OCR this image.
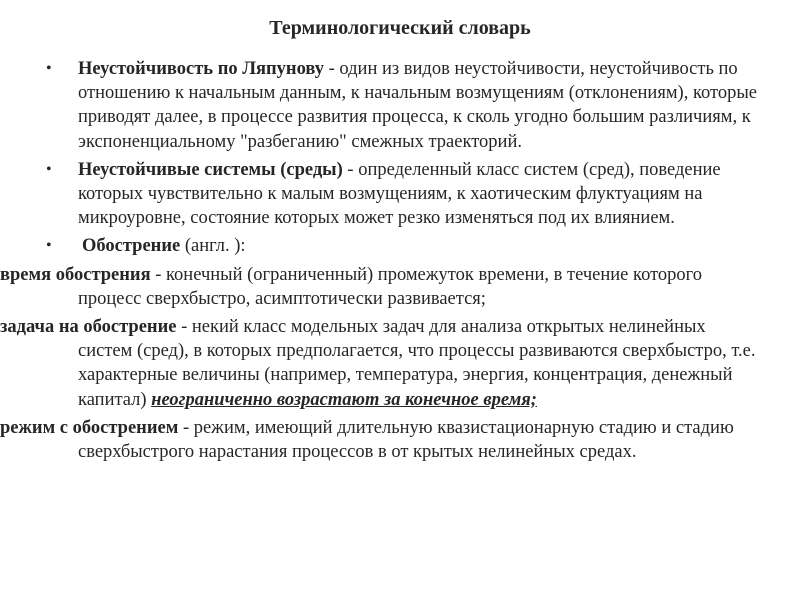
Терминологический словарь
• Неустойчивость по Ляпунову - один из видов неустойчивости, неустойчивость по отношению к начальным данным, к начальным возмущениям (отклонениям), которые приводят далее, в процессе развития процесса, к сколь угодно большим различиям, к экспоненциальному "разбеганию" смежных траекторий.
• Неустойчивые системы (среды) - определенный класс систем (сред), поведение которых чувствительно к малым возмущениям, к хаотическим флуктуациям на микроуровне, состояние которых может резко изменяться под их влиянием.
• Обострение (англ. ):
время обострения - конечный (ограниченный) промежуток времени, в течение которого процесс сверхбыстро, асимптотически развивается;
задача на обострение - некий класс модельных задач для анализа открытых нелинейных систем (сред), в которых предполагается, что процессы развиваются сверхбыстро, т.е. характерные величины (например, температура, энергия, концентрация, денежный капитал) неограниченно возрастают за конечное время;
режим с обострением - режим, имеющий длительную квазистационарную стадию и стадию сверхбыстрого нарастания процессов в от крытых нелинейных средах.
